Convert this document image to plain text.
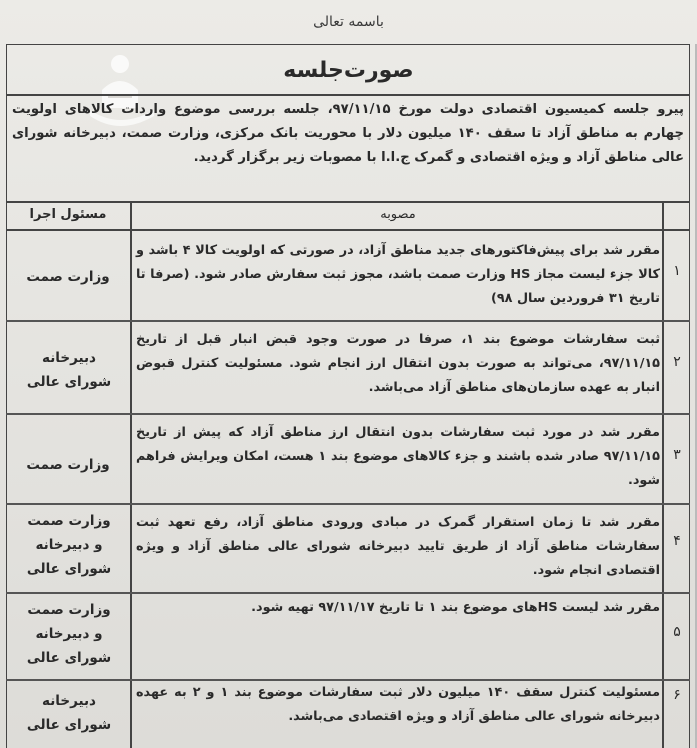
باسمه تعالی
صورت‌جلسه
پیرو جلسه کمیسیون اقتصادی دولت مورخ ۹۷/۱۱/۱۵، جلسه بررسی موضوع واردات کالاهای اولویت چهارم به مناطق آزاد تا سقف ۱۴۰ میلیون دلار با محوریت بانک مرکزی، وزارت صمت، دبیرخانه شورای عالی مناطق آزاد و ویژه اقتصادی و گمرک ج.ا.ا با مصوبات زیر برگزار گردید.
مصوبه
مسئول اجرا
۱
مقرر شد برای پیش‌فاکتورهای جدید مناطق آزاد، در صورتی که اولویت کالا ۴ باشد و کالا جزء لیست مجاز HS وزارت صمت باشد، مجوز ثبت سفارش صادر شود. (صرفا تا تاریخ ۳۱ فروردین سال ۹۸)
وزارت صمت
۲
ثبت سفارشات موضوع بند ۱، صرفا در صورت وجود قبض انبار قبل از تاریخ ۹۷/۱۱/۱۵، می‌تواند به صورت بدون انتقال ارز انجام شود. مسئولیت کنترل قبوض انبار به عهده سازمان‌های مناطق آزاد می‌باشد.
دبیرخانه شورای عالی
۳
مقرر شد در مورد ثبت سفارشات بدون انتقال ارز مناطق آزاد که پیش از تاریخ ۹۷/۱۱/۱۵ صادر شده باشند و جزء کالاهای موضوع بند ۱ هست، امکان ویرایش فراهم شود.
وزارت صمت
۴
مقرر شد تا زمان استقرار گمرک در مبادی ورودی مناطق آزاد، رفع تعهد ثبت سفارشات مناطق آزاد از طریق تایید دبیرخانه شورای عالی مناطق آزاد و ویژه اقتصادی انجام شود.
وزارت صمت و دبیرخانه شورای عالی
۵
مقرر شد لیست HSهای موضوع بند ۱ تا تاریخ ۹۷/۱۱/۱۷ تهیه شود.
وزارت صمت و دبیرخانه شورای عالی
۶
مسئولیت کنترل سقف ۱۴۰ میلیون دلار ثبت سفارشات موضوع بند ۱ و ۲ به عهده دبیرخانه شورای عالی مناطق آزاد و ویژه اقتصادی می‌باشد.
دبیرخانه شورای عالی
